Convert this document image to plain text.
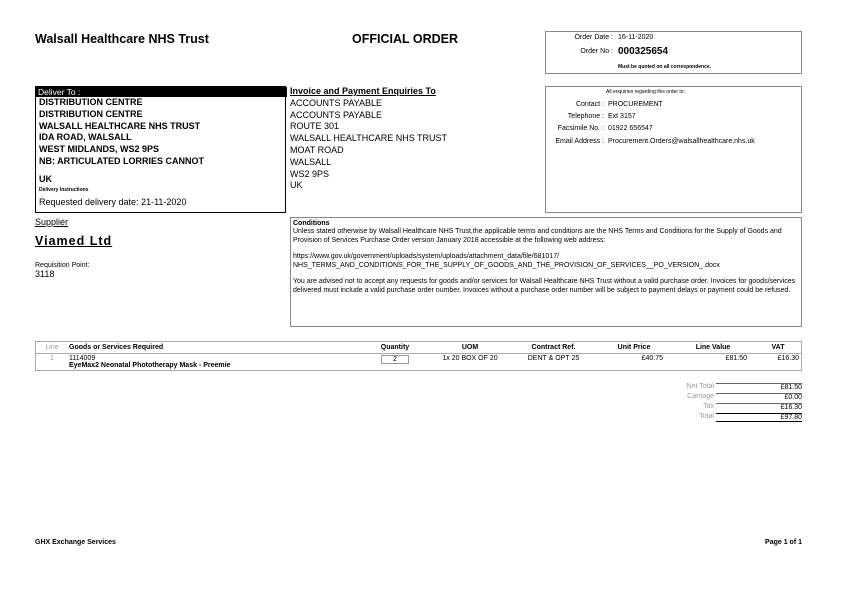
Walsall Healthcare NHS Trust	OFFICIAL ORDER	Order Date : 16-11-2020
Order No : 000325654
Must be quoted on all correspondence.
Deliver To :
DISTRIBUTION CENTRE
DISTRIBUTION CENTRE
WALSALL HEALTHCARE NHS TRUST
IDA ROAD, WALSALL
WEST MIDLANDS, WS2 9PS
NB: ARTICULATED LORRIES CANNOT
UK
Delivery Instructions
Requested delivery date: 21-11-2020
Invoice and Payment Enquiries To
ACCOUNTS PAYABLE
ACCOUNTS PAYABLE
ROUTE 301
WALSALL HEALTHCARE NHS TRUST
MOAT ROAD
WALSALL
WS2 9PS
UK
All enquiries regarding this order to:
Contact : PROCUREMENT
Telephone : Ext 3157
Facsimile No. : 01922 656547
Email Address : Procurement.Orders@walsallhealthcare.nhs.uk
Supplier
Viamed Ltd
Requisition Point:
3118
Conditions
Unless stated otherwise by Walsall Healthcare NHS Trust,the applicable terms and conditions are the NHS Terms and Conditions for the Supply of Goods and Provision of Services Purchase Order version January 2018 accessible at the following web address:
https://www.gov.uk/government/uploads/system/uploads/attachment_data/file/681017/
NHS_TERMS_AND_CONDITIONS_FOR_THE_SUPPLY_OF_GOODS_AND_THE_PROVISION_OF_SERVICES__PO_VERSION_.docx
You are advised not to accept any requests for goods and/or services for Walsall Healthcare NHS Trust without a valid purchase order. Invoices for goods/services delivered must include a valid purchase order number. Invoices without a purchase order number will be subject to payment delays or payment could be refused.
Line	Goods or Services Required	Quantity	UOM	Contract Ref.	Unit Price	Line Value	VAT
1	1114009
EyeMax2 Neonatal Phototherapy Mask - Preemie	2	1x 20 BOX OF 20	DENT & OPT 25	£40.75	£81.50	£16.30
Net Total	£81.50
Carriage	£0.00
Tax	£16.30
Total	£97.80
GHX Exchange Services	Page 1 of 1
